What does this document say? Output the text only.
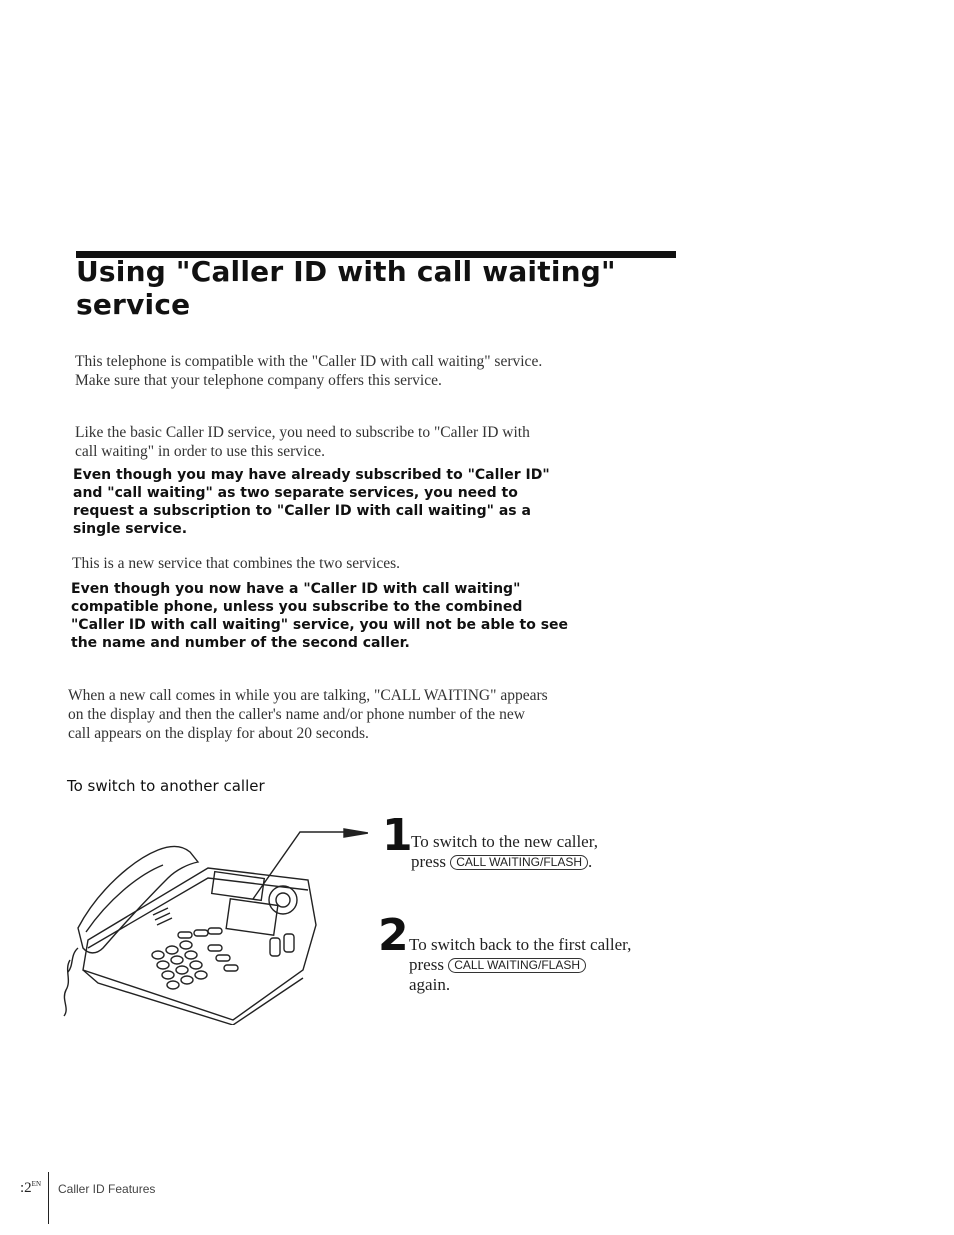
Using "Caller ID with call waiting"
service

This telephone is compatible with the "Caller ID with call waiting" service. Make sure that your telephone company offers this service.

Like the basic Caller ID service, you need to subscribe to "Caller ID with call waiting" in order to use this service.

Even though you may have already subscribed to "Caller ID" and "call waiting" as two separate services, you need to request a subscription to "Caller ID with call waiting" as a single service.

This is a new service that combines the two services.

Even though you now have a "Caller ID with call waiting" compatible phone, unless you subscribe to the combined "Caller ID with call waiting" service, you will not be able to see the name and number of the second caller.

When a new call comes in while you are talking, "CALL WAITING" appears on the display and then the caller's name and/or phone number of the new call appears on the display for about 20 seconds.

To switch to another caller

1
To switch to the new caller,
press CALL WAITING/FLASH .
2 To switch back to the first caller,
press CALL WAITING/FLASH
again.
$:2^{EN}$ Caller ID Features
